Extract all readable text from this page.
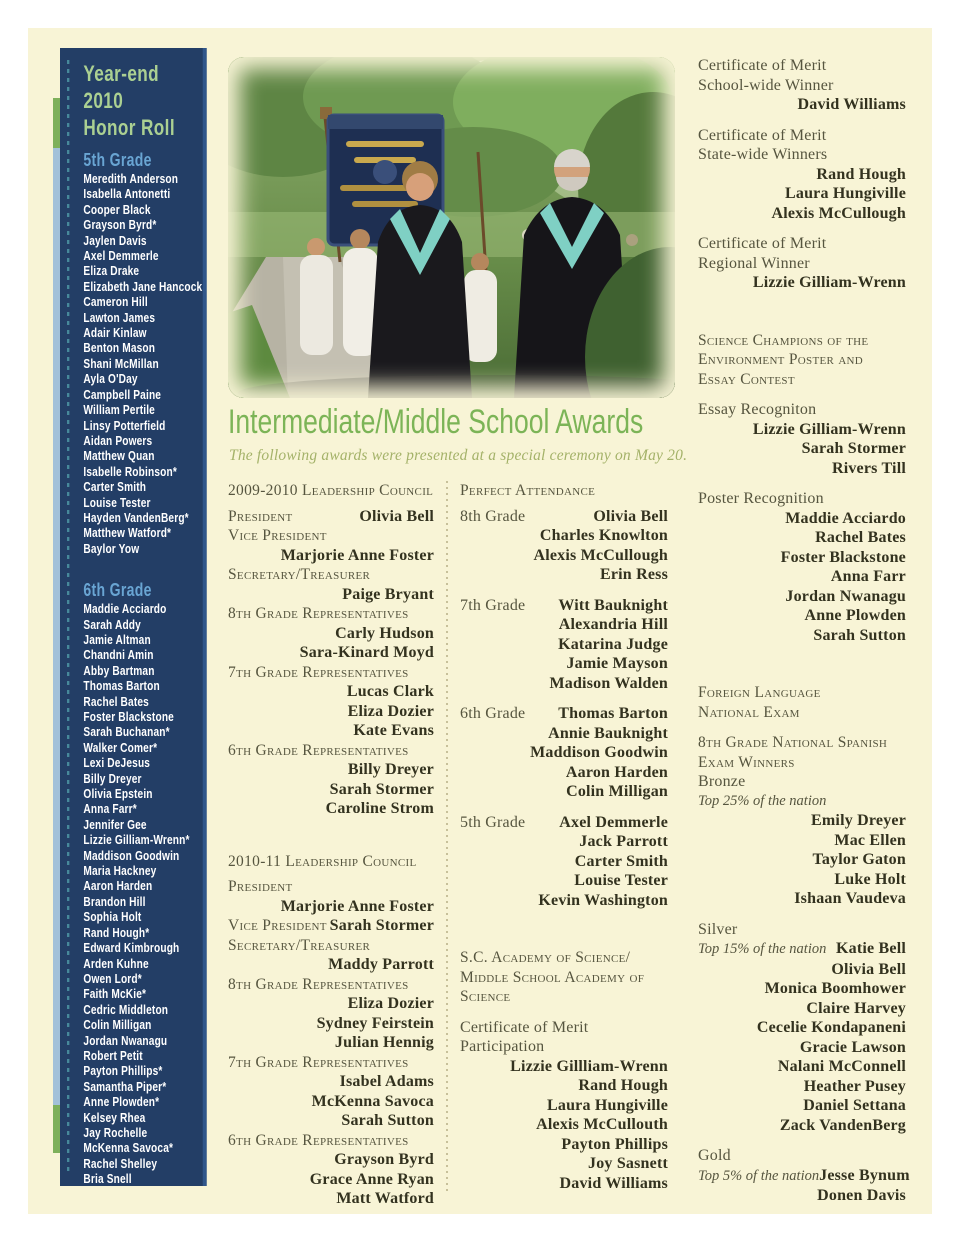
Year-end 2010
Honor Roll
5th Grade
Meredith Anderson
Isabella Antonetti
Cooper Black
Grayson Byrd*
Jaylen Davis
Axel Demmerle
Eliza Drake
Elizabeth Jane Hancock
Cameron Hill
Lawton James
Adair Kinlaw
Benton Mason
Shani McMillan
Ayla O'Day
Campbell Paine
William Pertile
Linsy Potterfield
Aidan Powers
Matthew Quan
Isabelle Robinson*
Carter Smith
Louise Tester
Hayden VandenBerg*
Matthew Watford*
Baylor Yow
6th Grade
Maddie Acciardo
Sarah Addy
Jamie Altman
Chandni Amin
Abby Bartman
Thomas Barton
Rachel Bates
Foster Blackstone
Sarah Buchanan*
Walker Comer*
Lexi DeJesus
Billy Dreyer
Olivia Epstein
Anna Farr*
Jennifer Gee
Lizzie Gilliam-Wrenn*
Maddison Goodwin
Maria Hackney
Aaron Harden
Brandon Hill
Sophia Holt
Rand Hough*
Edward Kimbrough
Arden Kuhne
Owen Lord*
Faith McKie*
Cedric Middleton
Colin Milligan
Jordan Nwanagu
Robert Petit
Payton Phillips*
Samantha Piper*
Anne Plowden*
Kelsey Rhea
Jay Rochelle
McKenna Savoca*
Rachel Shelley
Bria Snell
Intermediate/Middle School Awards
The following awards were presented at a special ceremony on May 20.
2009-2010 Leadership Council
President	Olivia Bell
Vice President
Marjorie Anne Foster
Secretary/Treasurer
Paige Bryant
8th Grade Representatives
Carly Hudson
Sara-Kinard Moyd
7th Grade Representatives
Lucas Clark
Eliza Dozier
Kate Evans
6th Grade Representatives
Billy Dreyer
Sarah Stormer
Caroline Strom
2010-11 Leadership Council
President
Marjorie Anne Foster
Vice President Sarah Stormer
Secretary/Treasurer
Maddy Parrott
8th Grade Representatives
Eliza Dozier
Sydney Feirstein
Julian Hennig
7th Grade Representatives
Isabel Adams
McKenna Savoca
Sarah Sutton
6th Grade Representatives
Grayson Byrd
Grace Anne Ryan
Matt Watford
Perfect Attendance
8th Grade	Olivia Bell
Charles Knowlton
Alexis McCullough
Erin Ress
7th Grade Witt Bauknight
Alexandria Hill
Katarina Judge
Jamie Mayson
Madison Walden
6th Grade Thomas Barton
Annie Bauknight
Maddison Goodwin
Aaron Harden
Colin Milligan
5th Grade Axel Demmerle
Jack Parrott
Carter Smith
Louise Tester
Kevin Washington
S.C. Academy of Science/
Middle School Academy of
Science
Certificate of Merit
Participation
Lizzie Gillliam-Wrenn
Rand Hough
Laura Hungiville
Alexis McCullouth
Payton Phillips
Joy Sasnett
David Williams
Certificate of Merit
School-wide Winner
David Williams
Certificate of Merit
State-wide Winners
Rand Hough
Laura Hungiville
Alexis McCullough
Certificate of Merit
Regional Winner
Lizzie Gilliam-Wrenn
Science Champions of the
Environment Poster and
Essay Contest
Essay Recogniton
Lizzie Gilliam-Wrenn
Sarah Stormer
Rivers Till
Poster Recognition
Maddie Acciardo
Rachel Bates
Foster Blackstone
Anna Farr
Jordan Nwanagu
Anne Plowden
Sarah Sutton
Foreign Language
National Exam
8th Grade National Spanish
Exam Winners
Bronze
Top 25% of the nation
Emily Dreyer
Mac Ellen
Taylor Gaton
Luke Holt
Ishaan Vaudeva
Silver
Top 15% of the nation Katie Bell
Olivia Bell
Monica Boomhower
Claire Harvey
Cecelie Kondapaneni
Gracie Lawson
Nalani McConnell
Heather Pusey
Daniel Settana
Zack VandenBerg
Gold
Top 5% of the nation Jesse Bynum
Donen Davis
